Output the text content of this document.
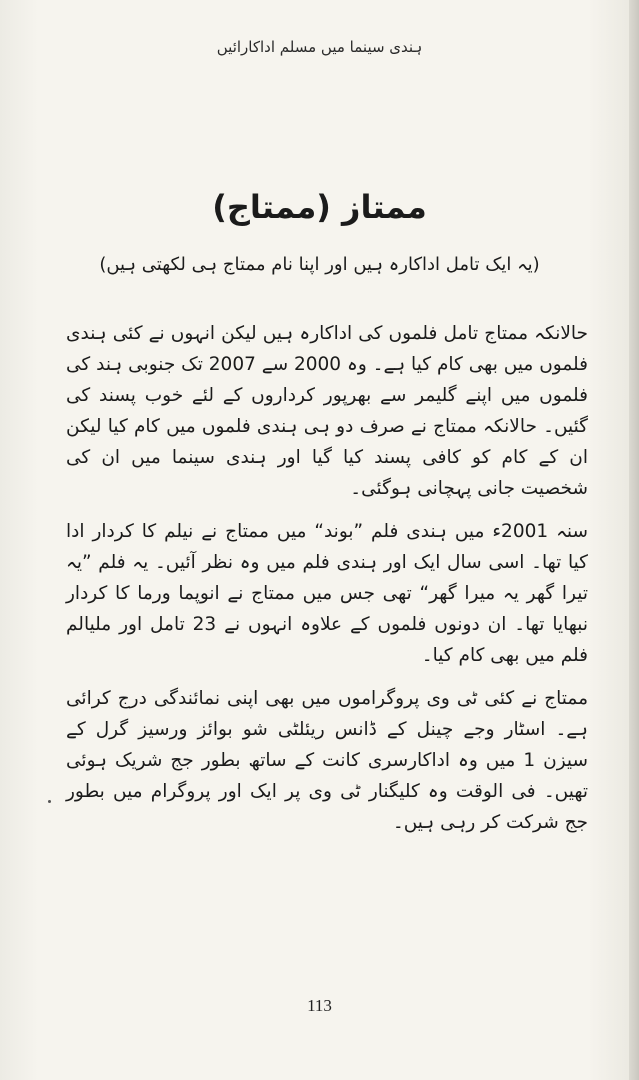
ہندی سینما میں مسلم اداکارائیں
ممتاز (ممتاج)
(یہ ایک تامل اداکارہ ہیں اور اپنا نام ممتاج ہی لکھتی ہیں)

حالانکہ ممتاج تامل فلموں کی اداکارہ ہیں لیکن انہوں نے کئی ہندی فلموں میں بھی کام کیا ہے۔ وہ 2000 سے 2007 تک جنوبی ہند کی فلموں میں اپنے گلیمر سے بھرپور کرداروں کے لئے خوب پسند کی گئیں۔ حالانکہ ممتاج نے صرف دو ہی ہندی فلموں میں کام کیا لیکن ان کے کام کو کافی پسند کیا گیا اور ہندی سینما میں ان کی شخصیت جانی پہچانی ہوگئی۔

سنہ 2001ء میں ہندی فلم ”بوند“ میں ممتاج نے نیلم کا کردار ادا کیا تھا۔ اسی سال ایک اور ہندی فلم میں وہ نظر آئیں۔ یہ فلم ”یہ تیرا گھر یہ میرا گھر“ تھی جس میں ممتاج نے انوپما ورما کا کردار نبھایا تھا۔ ان دونوں فلموں کے علاوہ انہوں نے 23 تامل اور ملیالم فلم میں بھی کام کیا۔

ممتاج نے کئی ٹی وی پروگراموں میں بھی اپنی نمائندگی درج کرائی ہے۔ اسٹار وجے چینل کے ڈانس ریئلٹی شو بوائز ورسیز گرل کے سیزن 1 میں وہ اداکارسری کانت کے ساتھ بطور جج شریک ہوئی تھیں۔ فی الوقت وہ کلیگنار ٹی وی پر ایک اور پروگرام میں بطور جج شرکت کر رہی ہیں۔

113
